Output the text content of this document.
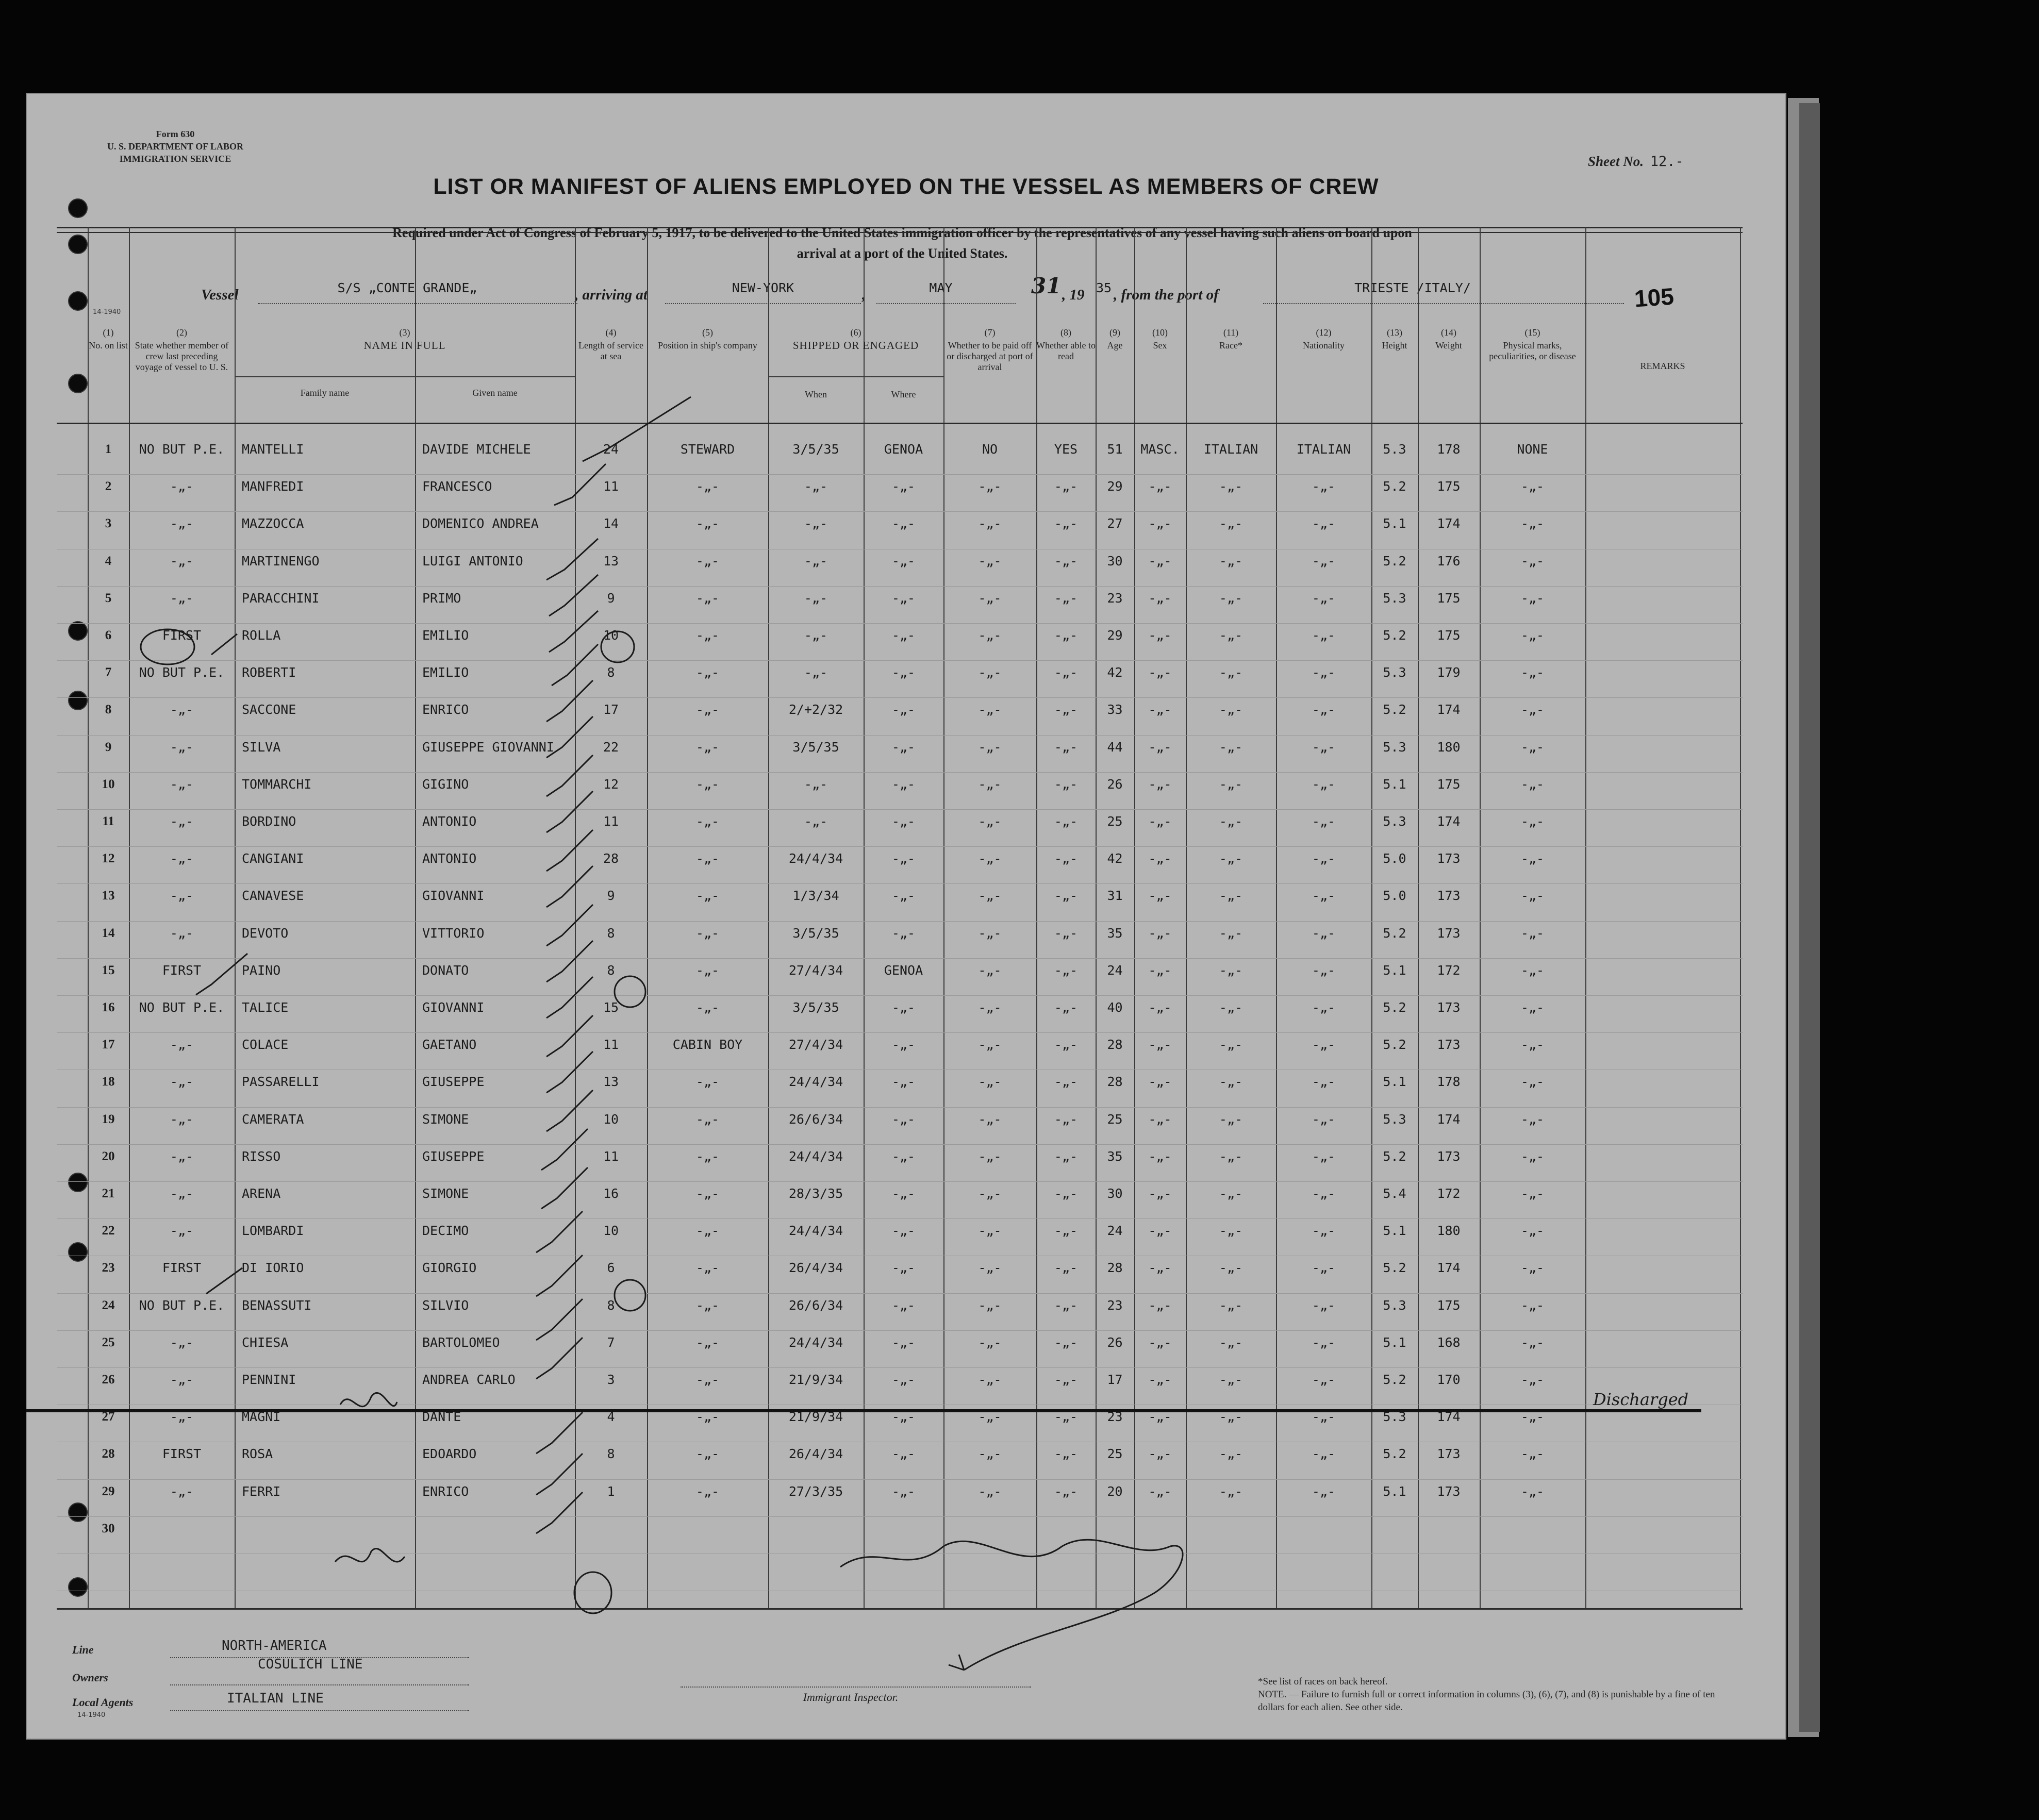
Form 630
U. S. DEPARTMENT OF LABOR
IMMIGRATION SERVICE	Sheet No. 12.-
LIST OR MANIFEST OF ALIENS EMPLOYED ON THE VESSEL AS MEMBERS OF CREW
Required under Act of Congress of February 5, 1917, to be delivered to the United States immigration officer by the representatives of any vessel having such aliens on board upon
arrival at a port of the United States.
Vessel	S/S „CONTE GRANDE„	, arriving at	NEW-YORK	,	MAY	31 , 19 35 , from the port of	TRIESTE /ITALY/	105
14-1940
(1)
No. on list
(2)
State whether member of crew last preceding voyage of vessel to U. S.
(3)
NAME IN FULL
Family name	Given name
(4)
Length of service at sea
(5)
Position in ship's company
(6)
SHIPPED OR ENGAGED
When	Where
(7)
Whether to be paid off or discharged at port of arrival
(8)
Whether able to read
(9)
Age
(10)
Sex
(11)
Race*
(12)
Nationality
(13)
Height
(14)
Weight
(15)
Physical marks, peculiarities, or disease
REMARKS
1	NO BUT P.E.	MANTELLI	DAVIDE MICHELE	24	STEWARD	3/5/35	GENOA	NO	YES	51	MASC.	ITALIAN	ITALIAN	5.3	178	NONE
2	-„-	MANFREDI	FRANCESCO	11	-„-	-„-	-„-	-„-	-„-	29	-„-	-„-	-„-	5.2	175	-„-
3	-„-	MAZZOCCA	DOMENICO ANDREA	14	-„-	-„-	-„-	-„-	-„-	27	-„-	-„-	-„-	5.1	174	-„-
4	-„-	MARTINENGO	LUIGI ANTONIO	13	-„-	-„-	-„-	-„-	-„-	30	-„-	-„-	-„-	5.2	176	-„-
5	-„-	PARACCHINI	PRIMO	9	-„-	-„-	-„-	-„-	-„-	23	-„-	-„-	-„-	5.3	175	-„-
6	FIRST	ROLLA	EMILIO	10	-„-	-„-	-„-	-„-	-„-	29	-„-	-„-	-„-	5.2	175	-„-
7	NO BUT P.E.	ROBERTI	EMILIO	8	-„-	-„-	-„-	-„-	-„-	42	-„-	-„-	-„-	5.3	179	-„-
8	-„-	SACCONE	ENRICO	17	-„-	2/+2/32	-„-	-„-	-„-	33	-„-	-„-	-„-	5.2	174	-„-
9	-„-	SILVA	GIUSEPPE GIOVANNI	22	-„-	3/5/35	-„-	-„-	-„-	44	-„-	-„-	-„-	5.3	180	-„-
10	-„-	TOMMARCHI	GIGINO	12	-„-	-„-	-„-	-„-	-„-	26	-„-	-„-	-„-	5.1	175	-„-
11	-„-	BORDINO	ANTONIO	11	-„-	-„-	-„-	-„-	-„-	25	-„-	-„-	-„-	5.3	174	-„-
12	-„-	CANGIANI	ANTONIO	28	-„-	24/4/34	-„-	-„-	-„-	42	-„-	-„-	-„-	5.0	173	-„-
13	-„-	CANAVESE	GIOVANNI	9	-„-	1/3/34	-„-	-„-	-„-	31	-„-	-„-	-„-	5.0	173	-„-
14	-„-	DEVOTO	VITTORIO	8	-„-	3/5/35	-„-	-„-	-„-	35	-„-	-„-	-„-	5.2	173	-„-
15	FIRST	PAINO	DONATO	8	-„-	27/4/34	GENOA	-„-	-„-	24	-„-	-„-	-„-	5.1	172	-„-
16	NO BUT P.E.	TALICE	GIOVANNI	15	-„-	3/5/35	-„-	-„-	-„-	40	-„-	-„-	-„-	5.2	173	-„-
17	-„-	COLACE	GAETANO	11	CABIN BOY	27/4/34	-„-	-„-	-„-	28	-„-	-„-	-„-	5.2	173	-„-
18	-„-	PASSARELLI	GIUSEPPE	13	-„-	24/4/34	-„-	-„-	-„-	28	-„-	-„-	-„-	5.1	178	-„-
19	-„-	CAMERATA	SIMONE	10	-„-	26/6/34	-„-	-„-	-„-	25	-„-	-„-	-„-	5.3	174	-„-
20	-„-	RISSO	GIUSEPPE	11	-„-	24/4/34	-„-	-„-	-„-	35	-„-	-„-	-„-	5.2	173	-„-
21	-„-	ARENA	SIMONE	16	-„-	28/3/35	-„-	-„-	-„-	30	-„-	-„-	-„-	5.4	172	-„-
22	-„-	LOMBARDI	DECIMO	10	-„-	24/4/34	-„-	-„-	-„-	24	-„-	-„-	-„-	5.1	180	-„-
23	FIRST	DI IORIO	GIORGIO	6	-„-	26/4/34	-„-	-„-	-„-	28	-„-	-„-	-„-	5.2	174	-„-
24	NO BUT P.E.	BENASSUTI	SILVIO	8	-„-	26/6/34	-„-	-„-	-„-	23	-„-	-„-	-„-	5.3	175	-„-
25	-„-	CHIESA	BARTOLOMEO	7	-„-	24/4/34	-„-	-„-	-„-	26	-„-	-„-	-„-	5.1	168	-„-
26	-„-	PENNINI	ANDREA CARLO	3	-„-	21/9/34	-„-	-„-	-„-	17	-„-	-„-	-„-	5.2	170	-„-
27	-„-	MAGNI	DANTE	4	-„-	21/9/34	-„-	-„-	-„-	23	-„-	-„-	-„-	5.3	174	-„-
28	FIRST	ROSA	EDOARDO	8	-„-	26/4/34	-„-	-„-	-„-	25	-„-	-„-	-„-	5.2	173	-„-
29	-„-	FERRI	ENRICO	1	-„-	27/3/35	-„-	-„-	-„-	20	-„-	-„-	-„-	5.1	173	-„-
30
Discharged
Line	NORTH-AMERICA
Owners
COSULICH LINE
Local Agents	ITALIAN LINE
14-1940
Immigrant Inspector.
*See list of races on back hereof.
NOTE. — Failure to furnish full or correct information in columns (3), (6), (7), and (8) is punishable by a fine of ten dollars for each alien. See other side.
